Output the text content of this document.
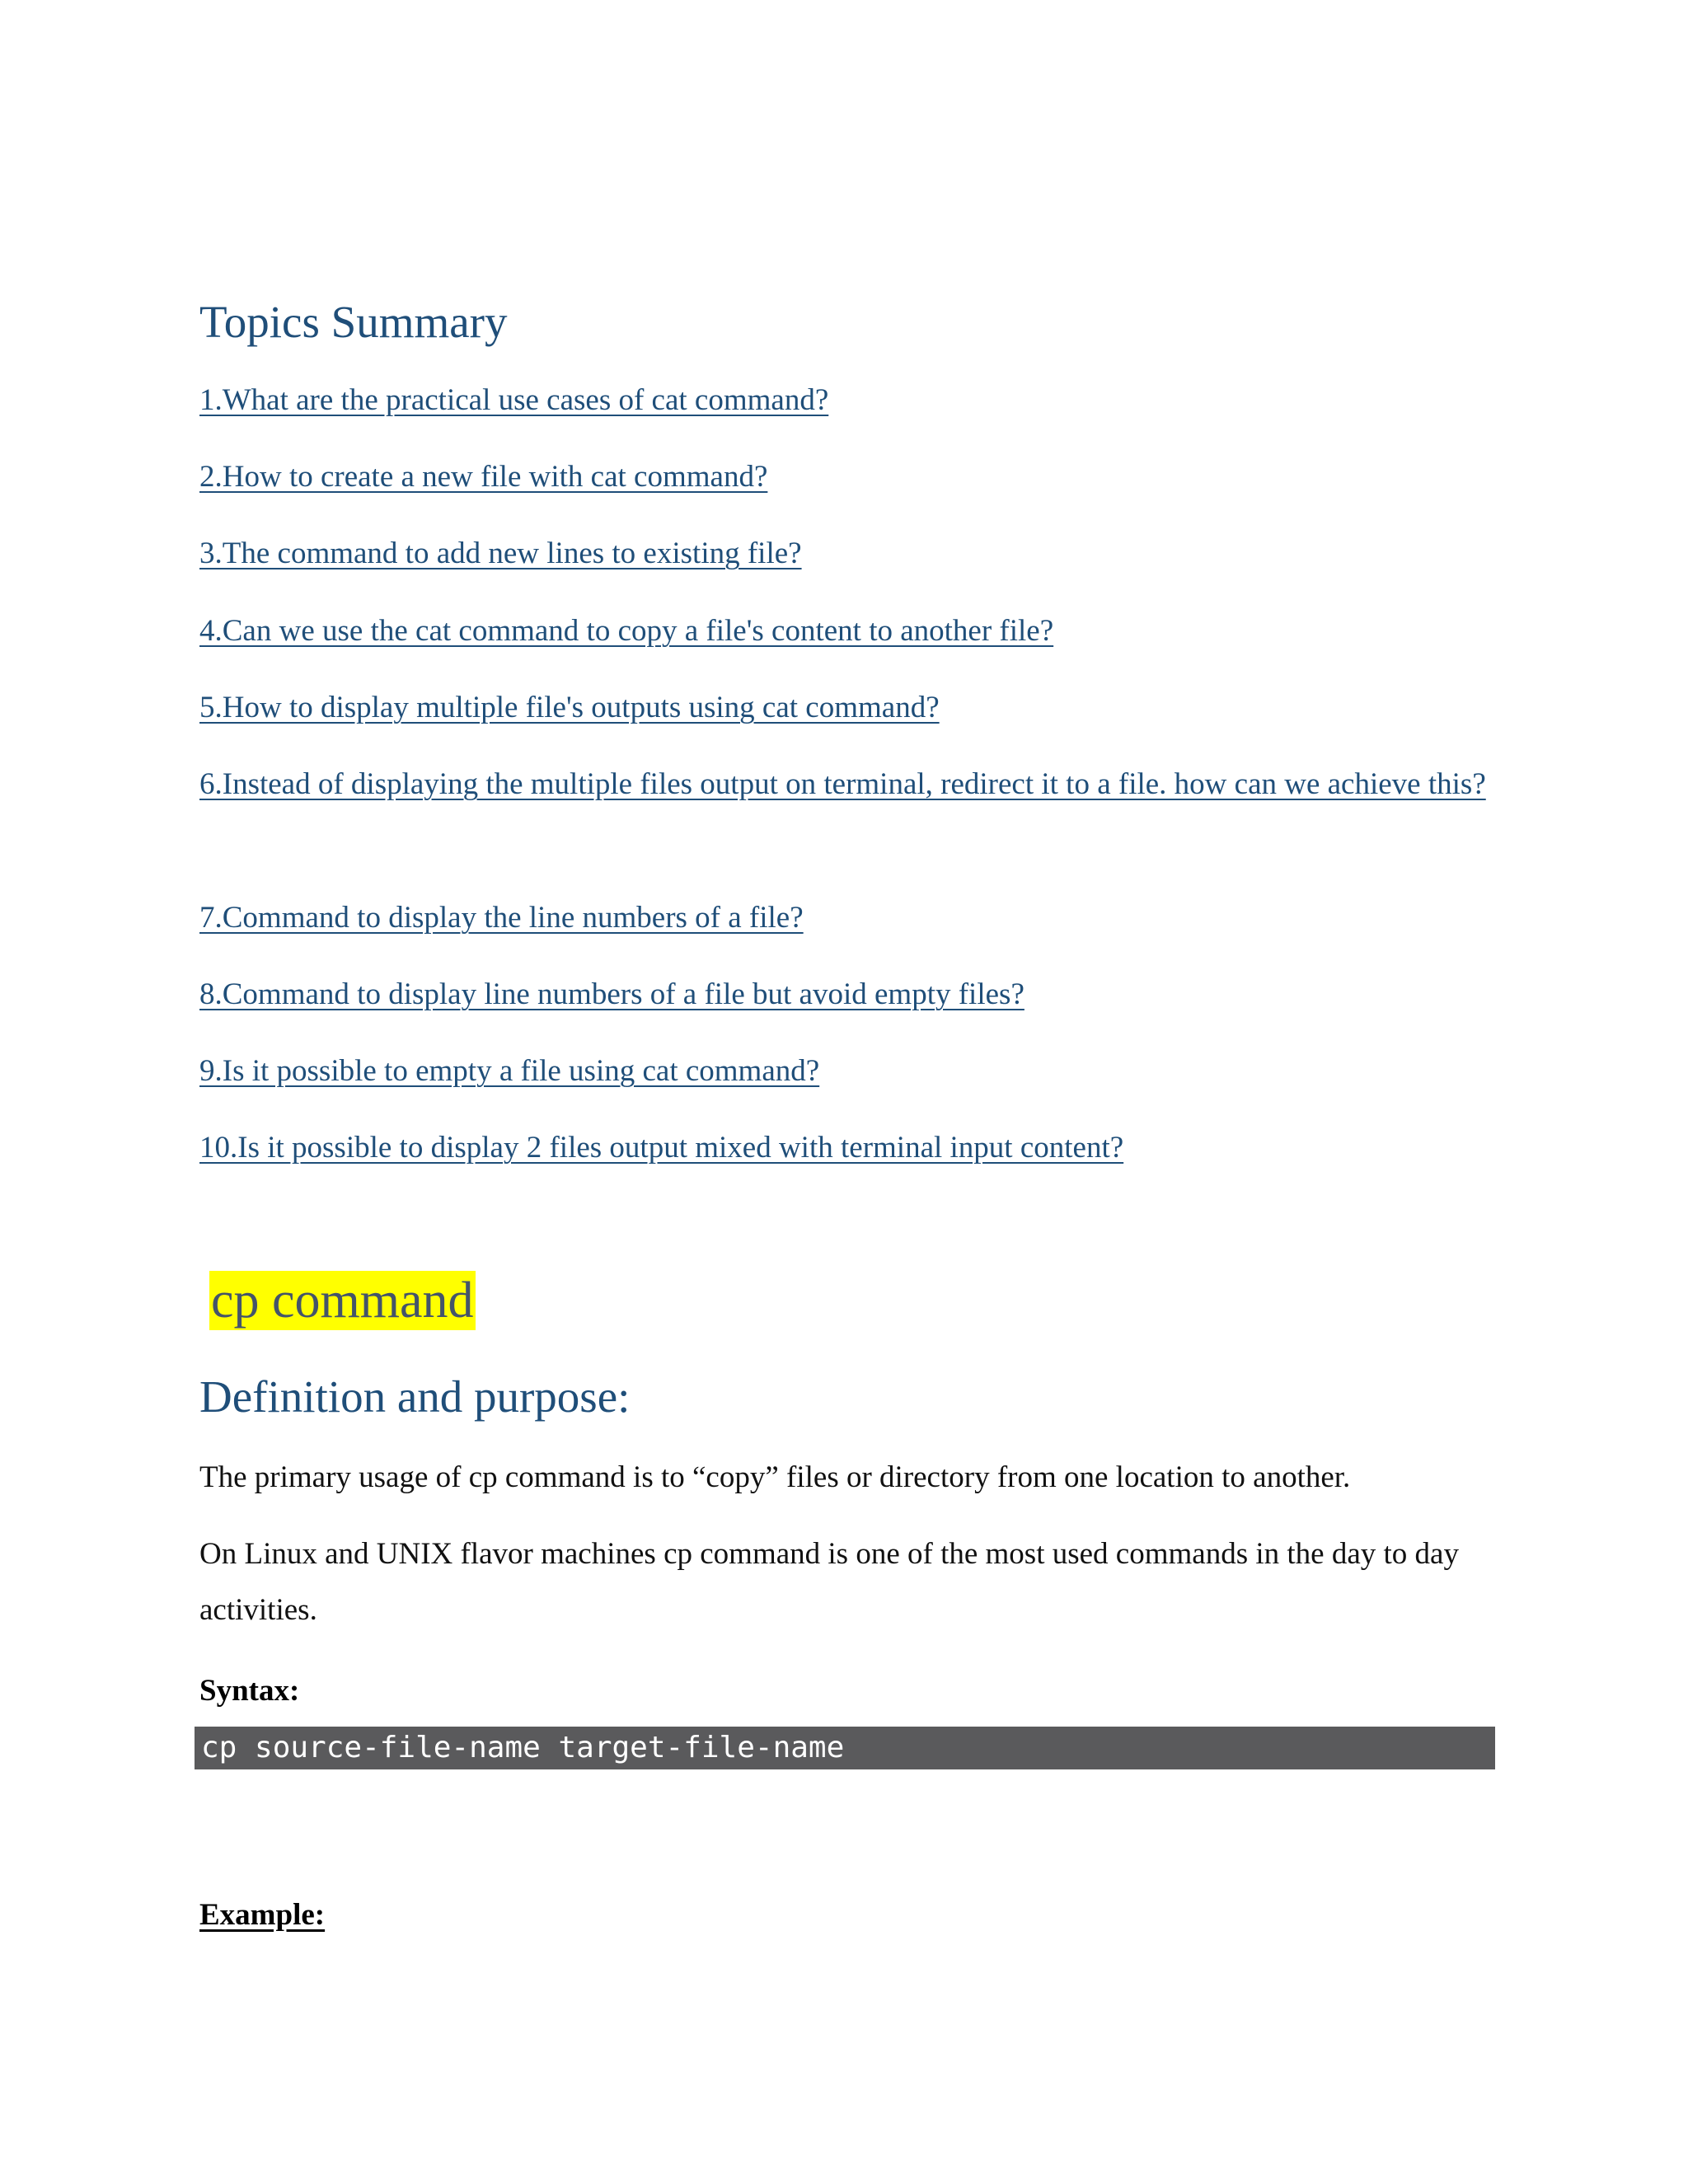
Topics Summary
1.What are the practical use cases of cat command?
2.How to create a new file with cat command?
3.The command to add new lines to existing file?
4.Can we use the cat command to copy a file's content to another file?
5.How to display multiple file's outputs using cat command?
6.Instead of displaying the multiple files output on terminal, redirect it to a file. how can we achieve this?
7.Command to display the line numbers of a file?
8.Command to display line numbers of a file but avoid empty files?
9.Is it possible to empty a file using cat command?
10.Is it possible to display 2 files output mixed with terminal input content?
cp command
Definition and purpose:
The primary usage of cp command is to “copy” files or directory from one location to another.
On Linux and UNIX flavor machines cp command is one of the most used commands in the day to day activities.
Syntax:
cp source-file-name target-file-name
Example:
